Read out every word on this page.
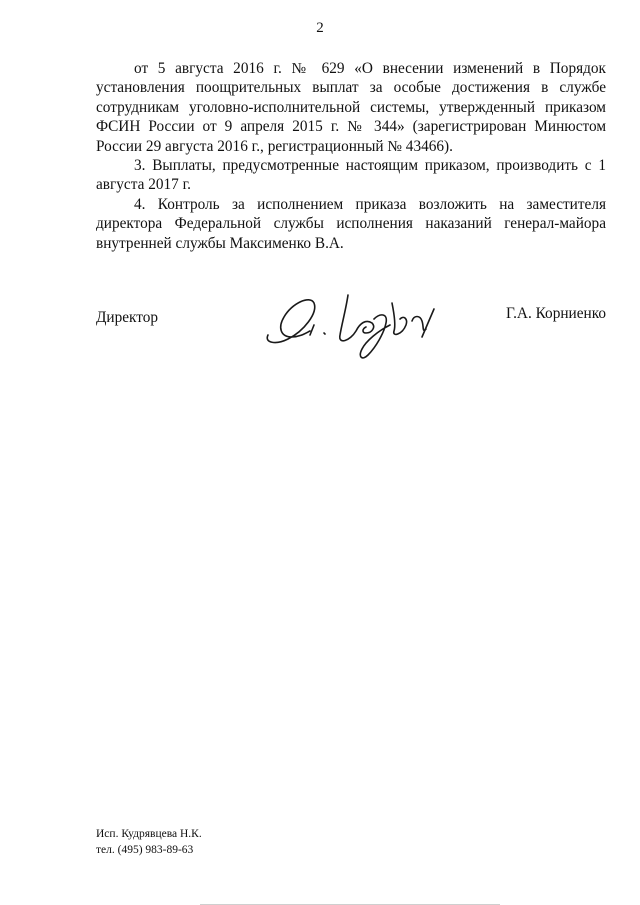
2

от 5 августа 2016 г. № 629 «О внесении изменений в Порядок установления поощрительных выплат за особые достижения в службе сотрудникам уголовно-исполнительной системы, утвержденный приказом ФСИН России от 9 апреля 2015 г. № 344» (зарегистрирован Минюстом России 29 августа 2016 г., регистрационный № 43466).

3. Выплаты, предусмотренные настоящим приказом, производить с 1 августа 2017 г.

4. Контроль за исполнением приказа возложить на заместителя директора Федеральной службы исполнения наказаний генерал-майора внутренней службы Максименко В.А.

Директор	Г.А. Корниенко
Исп. Кудрявцева Н.К.
тел. (495) 983-89-63
